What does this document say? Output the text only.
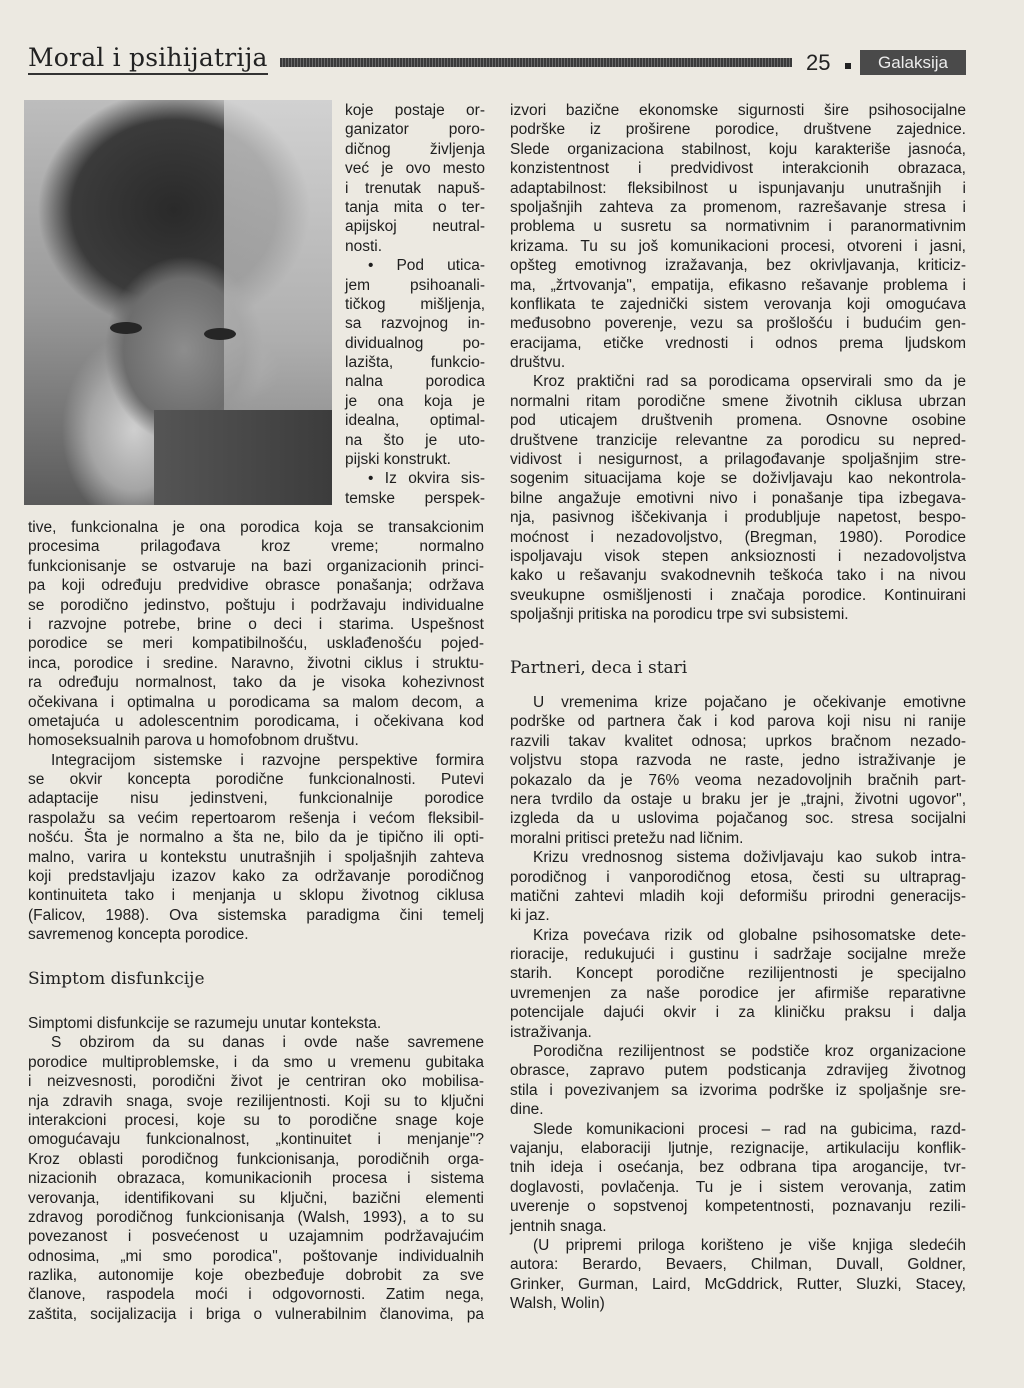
Moral i psihijatrija	25	Galaksija
koje postaje or-
ganizator poro-
dičnog življenja
već je ovo mesto
i trenutak napuš-
tanja mita o ter-
apijskoj neutral-
nosti.
• Pod utica-
jem psihoanali-
tičkog mišljenja,
sa razvojnog in-
dividualnog po-
lazišta, funkcio-
nalna porodica
je ona koja je
idealna, optimal-
na što je uto-
pijski konstrukt.
• Iz okvira sis-
temske perspek-
tive, funkcionalna je ona porodica koja se transakcionim
procesima prilagođava kroz vreme; normalno
funkcionisanje se ostvaruje na bazi organizacionih princi-
pa koji određuju predvidive obrasce ponašanja; održava
se porodično jedinstvo, poštuju i podržavaju individualne
i razvojne potrebe, brine o deci i starima. Uspešnost
porodice se meri kompatibilnošću, usklađenošću pojed-
inca, porodice i sredine. Naravno, životni ciklus i struktu-
ra određuju normalnost, tako da je visoka kohezivnost
očekivana i optimalna u porodicama sa malom decom, a
ometajuća u adolescentnim porodicama, i očekivana kod
homoseksualnih parova u homofobnom društvu.
Integracijom sistemske i razvojne perspektive formira
se okvir koncepta porodične funkcionalnosti. Putevi
adaptacije nisu jedinstveni, funkcionalnije porodice
raspolažu sa većim repertoarom rešenja i većom fleksibil-
nošću. Šta je normalno a šta ne, bilo da je tipično ili opti-
malno, varira u kontekstu unutrašnjih i spoljašnjih zahteva
koji predstavljaju izazov kako za održavanje porodičnog
kontinuiteta tako i menjanja u sklopu životnog ciklusa
(Falicov, 1988). Ova sistemska paradigma čini temelj
savremenog koncepta porodice.
Simptom disfunkcije
Simptomi disfunkcije se razumeju unutar konteksta.
S obzirom da su danas i ovde naše savremene
porodice multiproblemske, i da smo u vremenu gubitaka
i neizvesnosti, porodični život je centriran oko mobilisa-
nja zdravih snaga, svoje rezilijentnosti. Koji su to ključni
interakcioni procesi, koje su to porodične snage koje
omogućavaju funkcionalnost, „kontinuitet i menjanje"?
Kroz oblasti porodičnog funkcionisanja, porodičnih orga-
nizacionih obrazaca, komunikacionih procesa i sistema
verovanja, identifikovani su ključni, bazični elementi
zdravog porodičnog funkcionisanja (Walsh, 1993), a to su
povezanost i posvećenost u uzajamnim podržavajućim
odnosima, „mi smo porodica", poštovanje individualnih
razlika, autonomije koje obezbeđuje dobrobit za sve
članove, raspodela moći i odgovornosti. Zatim nega,
zaštita, socijalizacija i briga o vulnerabilnim članovima, pa
izvori bazične ekonomske sigurnosti šire psihosocijalne
podrške iz proširene porodice, društvene zajednice.
Slede organizaciona stabilnost, koju karakteriše jasnoća,
konzistentnost i predvidivost interakcionih obrazaca,
adaptabilnost: fleksibilnost u ispunjavanju unutrašnjih i
spoljašnjih zahteva za promenom, razrešavanje stresa i
problema u susretu sa normativnim i paranormativnim
krizama. Tu su još komunikacioni procesi, otvoreni i jasni,
opšteg emotivnog izražavanja, bez okrivljavanja, kriticiz-
ma, „žrtvovanja", empatija, efikasno rešavanje problema i
konflikata te zajednički sistem verovanja koji omogućava
međusobno poverenje, vezu sa prošlošću i budućim gen-
eracijama, etičke vrednosti i odnos prema ljudskom
društvu.
Kroz praktični rad sa porodicama opservirali smo da je
normalni ritam porodične smene životnih ciklusa ubrzan
pod uticajem društvenih promena. Osnovne osobine
društvene tranzicije relevantne za porodicu su nepred-
vidivost i nesigurnost, a prilagođavanje spoljašnjim stre-
sogenim situacijama koje se doživljavaju kao nekontrola-
bilne angažuje emotivni nivo i ponašanje tipa izbegava-
nja, pasivnog iščekivanja i produbljuje napetost, bespo-
moćnost i nezadovoljstvo, (Bregman, 1980). Porodice
ispoljavaju visok stepen anksioznosti i nezadovoljstva
kako u rešavanju svakodnevnih teškoća tako i na nivou
sveukupne osmišljenosti i značaja porodice. Kontinuirani
spoljašnji pritiska na porodicu trpe svi subsistemi.
Partneri, deca i stari
U vremenima krize pojačano je očekivanje emotivne
podrške od partnera čak i kod parova koji nisu ni ranije
razvili takav kvalitet odnosa; uprkos bračnom nezado-
voljstvu stopa razvoda ne raste, jedno istraživanje je
pokazalo da je 76% veoma nezadovoljnih bračnih part-
nera tvrdilo da ostaje u braku jer je „trajni, životni ugovor",
izgleda da u uslovima pojačanog soc. stresa socijalni
moralni pritisci pretežu nad ličnim.
Krizu vrednosnog sistema doživljavaju kao sukob intra-
porodičnog i vanporodičnog etosa, česti su ultraprag-
matični zahtevi mladih koji deformišu prirodni generacijs-
ki jaz.
Kriza povećava rizik od globalne psihosomatske dete-
rioracije, redukujući i gustinu i sadržaje socijalne mreže
starih. Koncept porodične rezilijentnosti je specijalno
uvremenjen za naše porodice jer afirmiše reparativne
potencijale dajući okvir i za kliničku praksu i dalja
istraživanja.
Porodična rezilijentnost se podstiče kroz organizacione
obrasce, zapravo putem podsticanja zdravijeg životnog
stila i povezivanjem sa izvorima podrške iz spoljašnje sre-
dine.
Slede komunikacioni procesi – rad na gubicima, razd-
vajanju, elaboraciji ljutnje, rezignacije, artikulaciju konflik-
tnih ideja i osećanja, bez odbrana tipa arogancije, tvr-
doglavosti, povlačenja. Tu je i sistem verovanja, zatim
uverenje o sopstvenoj kompetentnosti, poznavanju rezili-
jentnih snaga.
(U pripremi priloga korišteno je više knjiga sledećih
autora: Berardo, Bevaers, Chilman, Duvall, Goldner,
Grinker, Gurman, Laird, McGddrick, Rutter, Sluzki, Stacey,
Walsh, Wolin)
